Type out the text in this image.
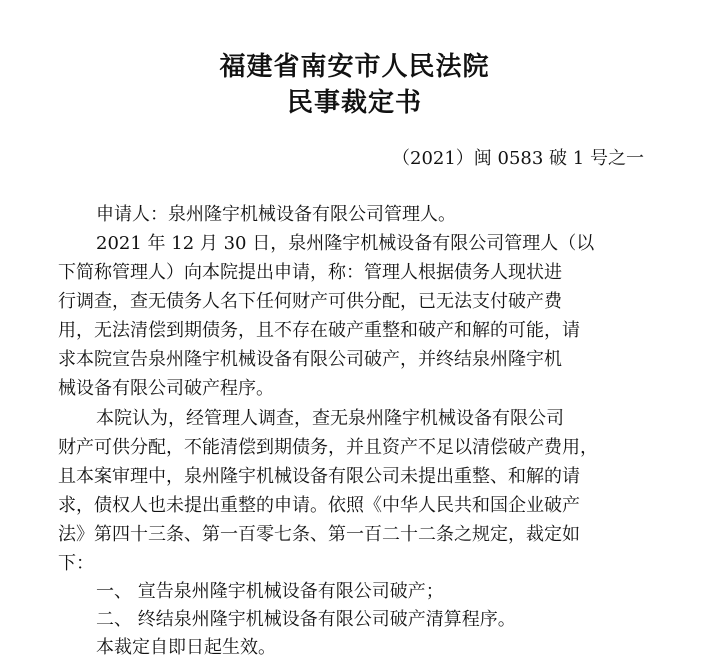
福建省南安市人民法院
民事裁定书
（2021）闽 0583 破 1 号之一
申请人：泉州隆宇机械设备有限公司管理人。
2021 年 12 月 30 日，泉州隆宇机械设备有限公司管理人（以
下简称管理人）向本院提出申请，称：管理人根据债务人现状进
行调查，查无债务人名下任何财产可供分配，已无法支付破产费
用，无法清偿到期债务，且不存在破产重整和破产和解的可能，请
求本院宣告泉州隆宇机械设备有限公司破产，并终结泉州隆宇机
械设备有限公司破产程序。
本院认为，经管理人调查，查无泉州隆宇机械设备有限公司
财产可供分配，不能清偿到期债务，并且资产不足以清偿破产费用，
且本案审理中，泉州隆宇机械设备有限公司未提出重整、和解的请
求，债权人也未提出重整的申请。依照《中华人民共和国企业破产
法》第四十三条、第一百零七条、第一百二十二条之规定，裁定如
下：
一、 宣告泉州隆宇机械设备有限公司破产；
二、 终结泉州隆宇机械设备有限公司破产清算程序。
本裁定自即日起生效。
